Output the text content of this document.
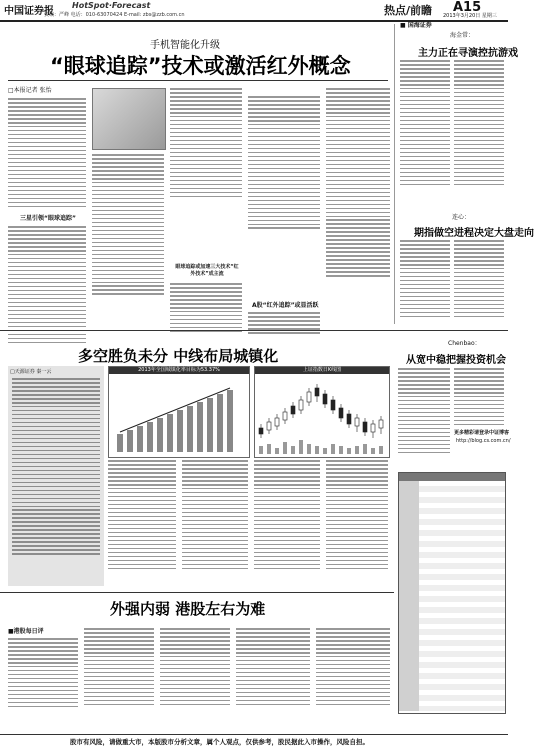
中国证券报
HotSpot·Forecast
责编：严峰 电话：010-63070424 E-mail: zbs@zzb.com.cn	热点/前瞻 A15
2013年3月20日 星期三
手机智能化升级
“眼球追踪”技术或激活红外概念
□本报记者 张怡
三星引领“眼球追踪”
眼球追踪或加速三大技术“红外技术”成主流
A股“红外追踪”或显活跃
■ 国海证券
海金常：
主力正在寻演控抗游戏
连心：
期指做空进程决定大盘走向
多空胜负未分 中线布局城镇化
2013年全国城镇化率目标为53.37%	上证指数日K线图
□天源证券 秦一云
Chenbao：
从宽中稳把握投资机会
更多精彩请登录中证博客
http://blog.cs.com.cn/
外强内弱 港股左右为难
■港股每日评
股市有风险，请做重大市，本版股市分析文章，属个人观点，仅供参考，股民据此入市操作，风险自担。
